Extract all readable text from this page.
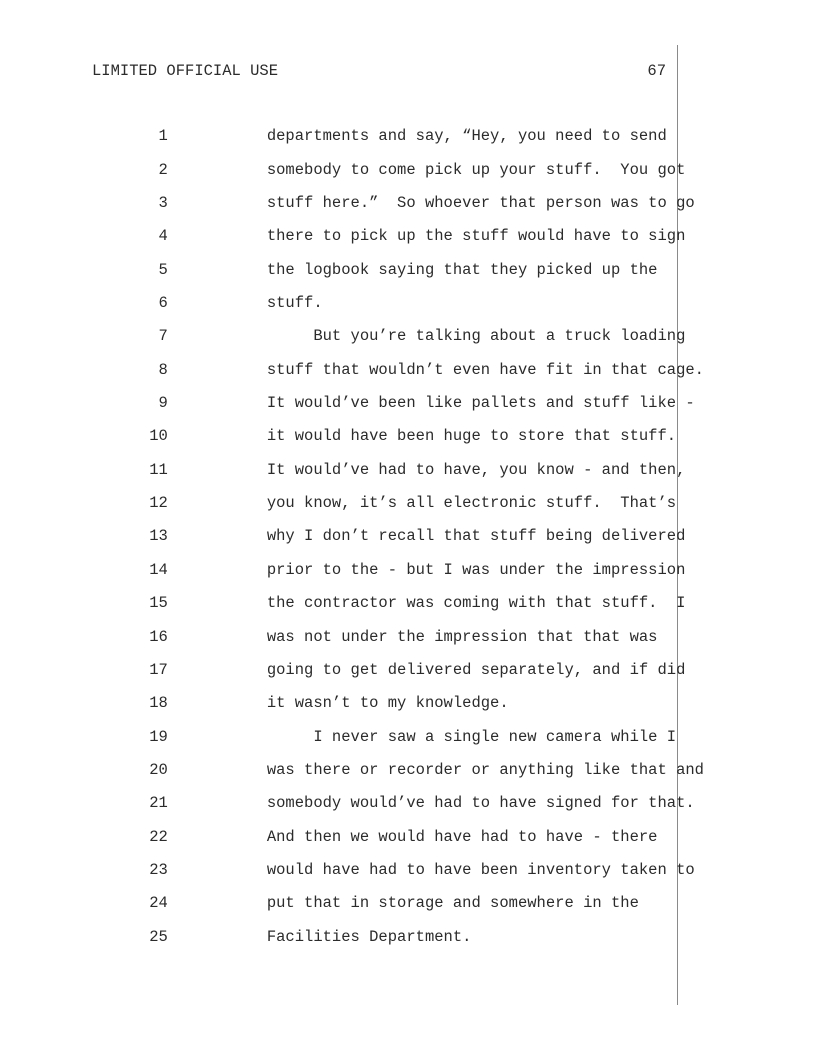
LIMITED OFFICIAL USE	67

1	departments and say, “Hey, you need to send

2	somebody to come pick up your stuff.  You got

3	stuff here.”  So whoever that person was to go

4	there to pick up the stuff would have to sign

5	the logbook saying that they picked up the

6	stuff.

7	But you’re talking about a truck loading

8	stuff that wouldn’t even have fit in that cage.

9	It would’ve been like pallets and stuff like -

10	it would have been huge to store that stuff.

11	It would’ve had to have, you know - and then,

12	you know, it’s all electronic stuff.  That’s

13	why I don’t recall that stuff being delivered

14	prior to the - but I was under the impression

15	the contractor was coming with that stuff.  I

16	was not under the impression that that was

17	going to get delivered separately, and if did

18	it wasn’t to my knowledge.

19	I never saw a single new camera while I

20	was there or recorder or anything like that and

21	somebody would’ve had to have signed for that.

22	And then we would have had to have - there

23	would have had to have been inventory taken to

24	put that in storage and somewhere in the

25	Facilities Department.
